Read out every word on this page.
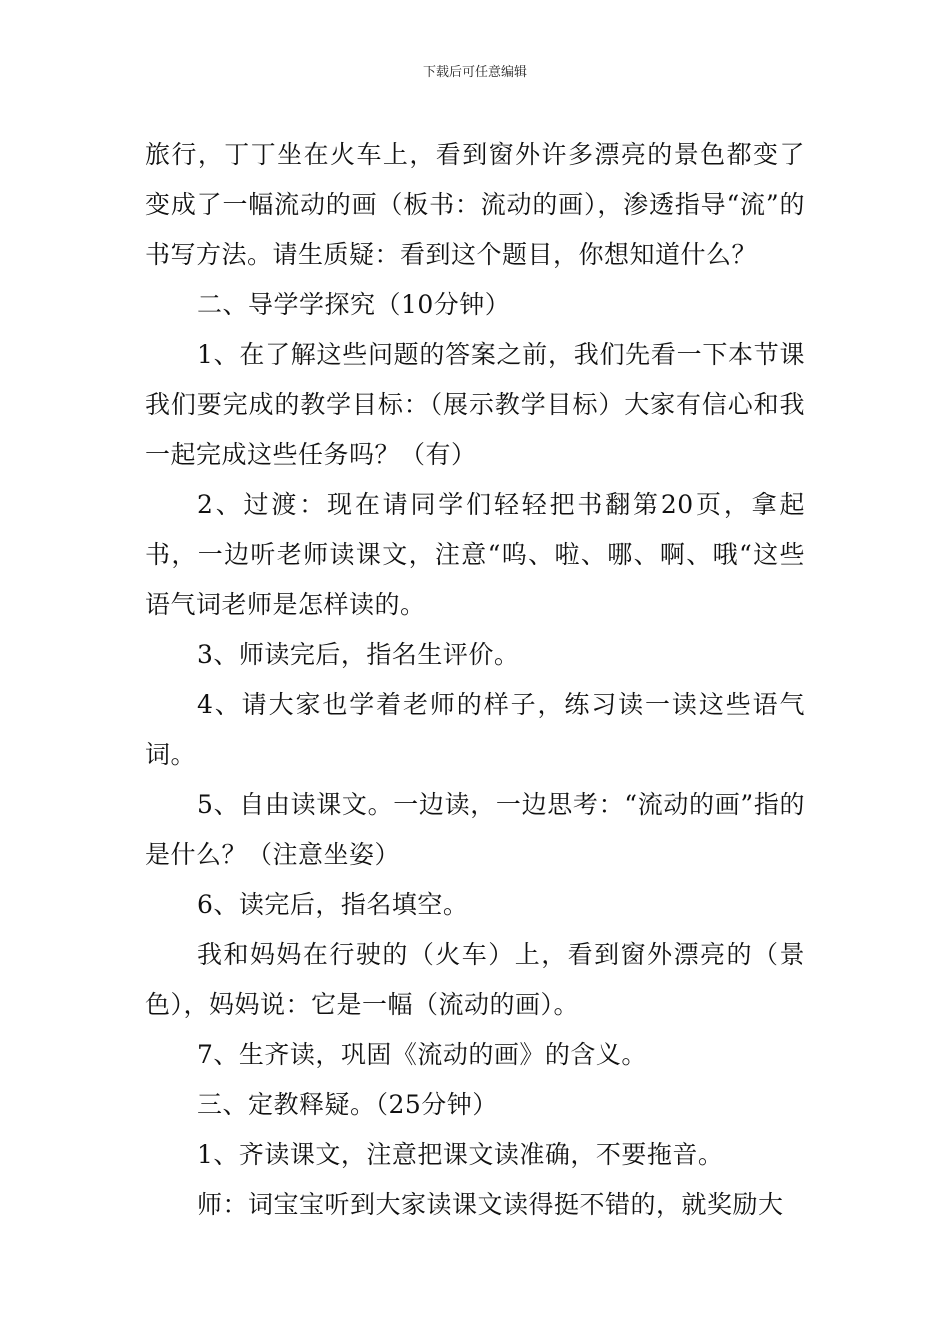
下载后可任意编辑

旅行，丁丁坐在火车上，看到窗外许多漂亮的景色都变了变成了一幅流动的画（板书：流动的画），渗透指导“流”的书写方法。请生质疑：看到这个题目，你想知道什么？

二、导学学探究（10分钟）

1、在了解这些问题的答案之前，我们先看一下本节课我们要完成的教学目标：（展示教学目标）大家有信心和我一起完成这些任务吗？（有）

2、过渡：现在请同学们轻轻把书翻第20页，拿起书，一边听老师读课文，注意“呜、啦、哪、啊、哦“这些语气词老师是怎样读的。

3、师读完后，指名生评价。

4、请大家也学着老师的样子，练习读一读这些语气词。

5、自由读课文。一边读，一边思考：“流动的画”指的是什么？（注意坐姿）

6、读完后，指名填空。

我和妈妈在行驶的（火车）上，看到窗外漂亮的（景色），妈妈说：它是一幅（流动的画）。

7、生齐读，巩固《流动的画》的含义。

三、定教释疑。（25分钟）

1、齐读课文，注意把课文读准确，不要拖音。

师：词宝宝听到大家读课文读得挺不错的，就奖励大
